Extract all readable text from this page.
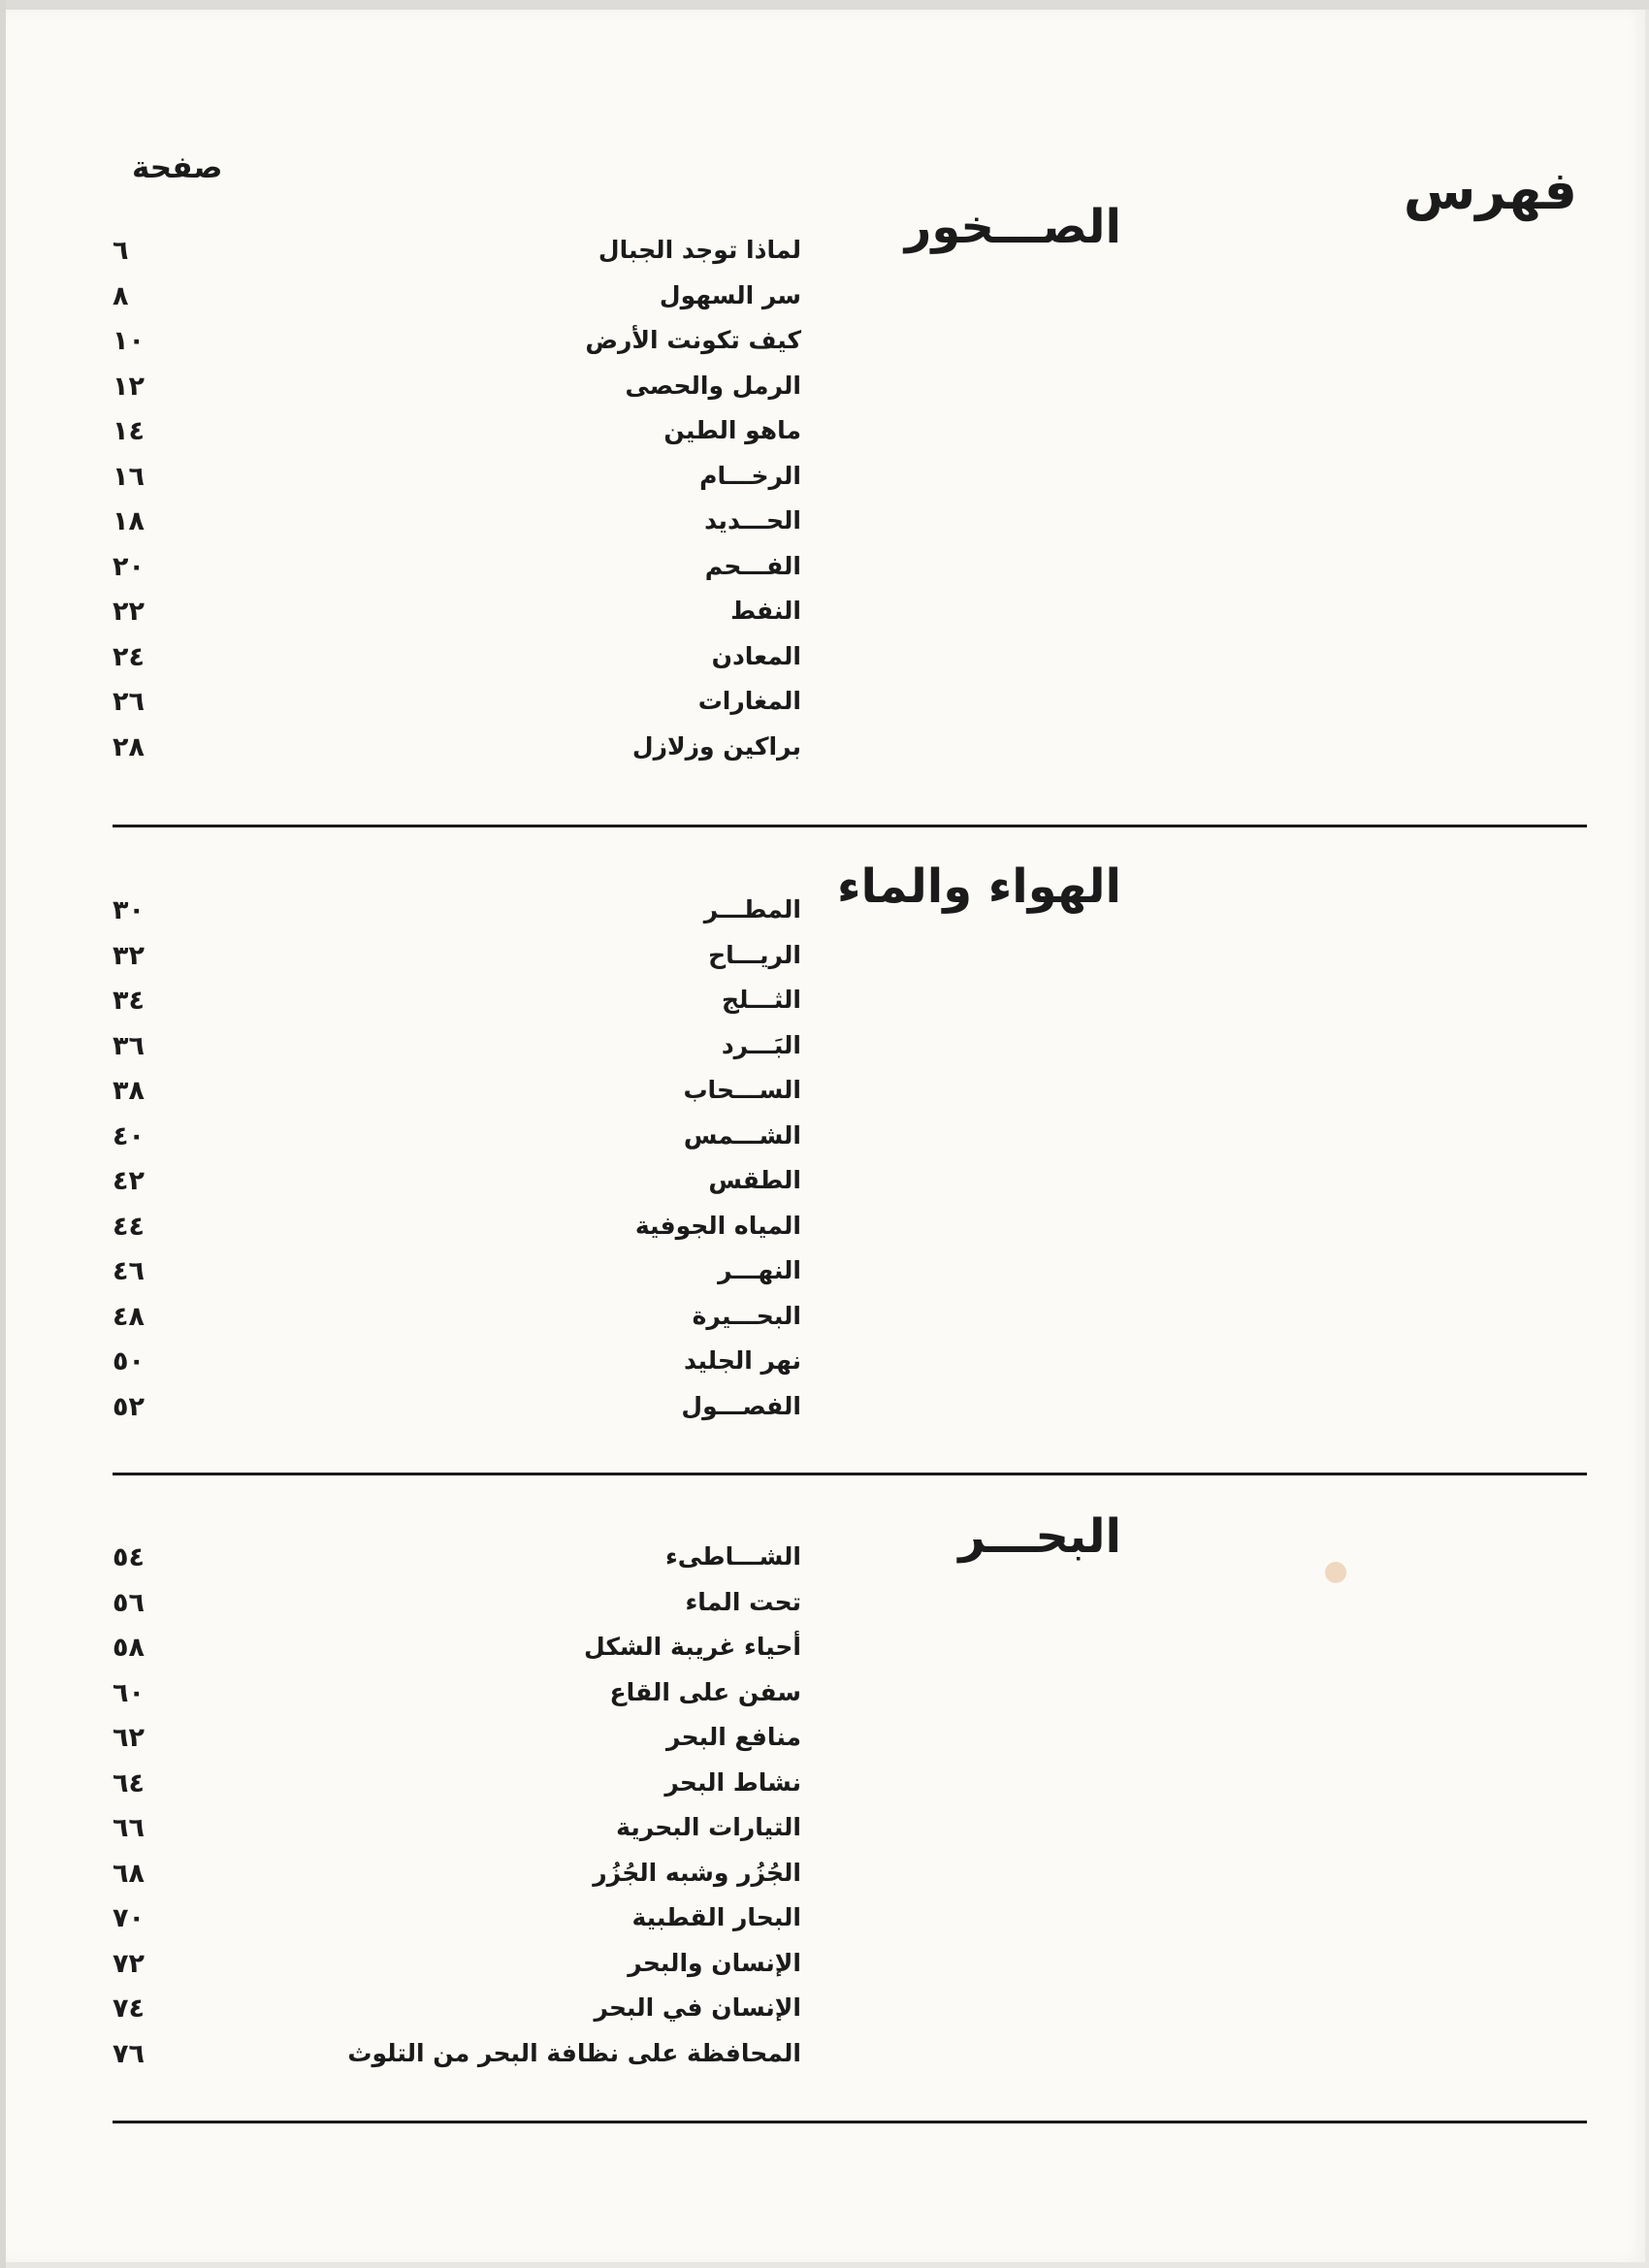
فهرس
صفحة
الصـــخور
الهواء والماء
البحـــر
لماذا توجد الجبال
٦
سر السهول
٨
كيف تكونت الأرض
١٠
الرمل والحصى
١٢
ماهو الطين
١٤
الرخـــام
١٦
الحـــديد
١٨
الفـــحم
٢٠
النفط
٢٢
المعادن
٢٤
المغارات
٢٦
براكين وزلازل
٢٨
المطـــر
٣٠
الريـــاح
٣٢
الثـــلج
٣٤
البَـــرد
٣٦
الســـحاب
٣٨
الشـــمس
٤٠
الطقس
٤٢
المياه الجوفية
٤٤
النهـــر
٤٦
البحـــيرة
٤٨
نهر الجليد
٥٠
الفصـــول
٥٢
الشـــاطىء
٥٤
تحت الماء
٥٦
أحياء غريبة الشكل
٥٨
سفن على القاع
٦٠
منافع البحر
٦٢
نشاط البحر
٦٤
التيارات البحرية
٦٦
الجُزُر وشبه الجُزُر
٦٨
البحار القطبية
٧٠
الإنسان والبحر
٧٢
الإنسان في البحر
٧٤
المحافظة على نظافة البحر من التلوث
٧٦
